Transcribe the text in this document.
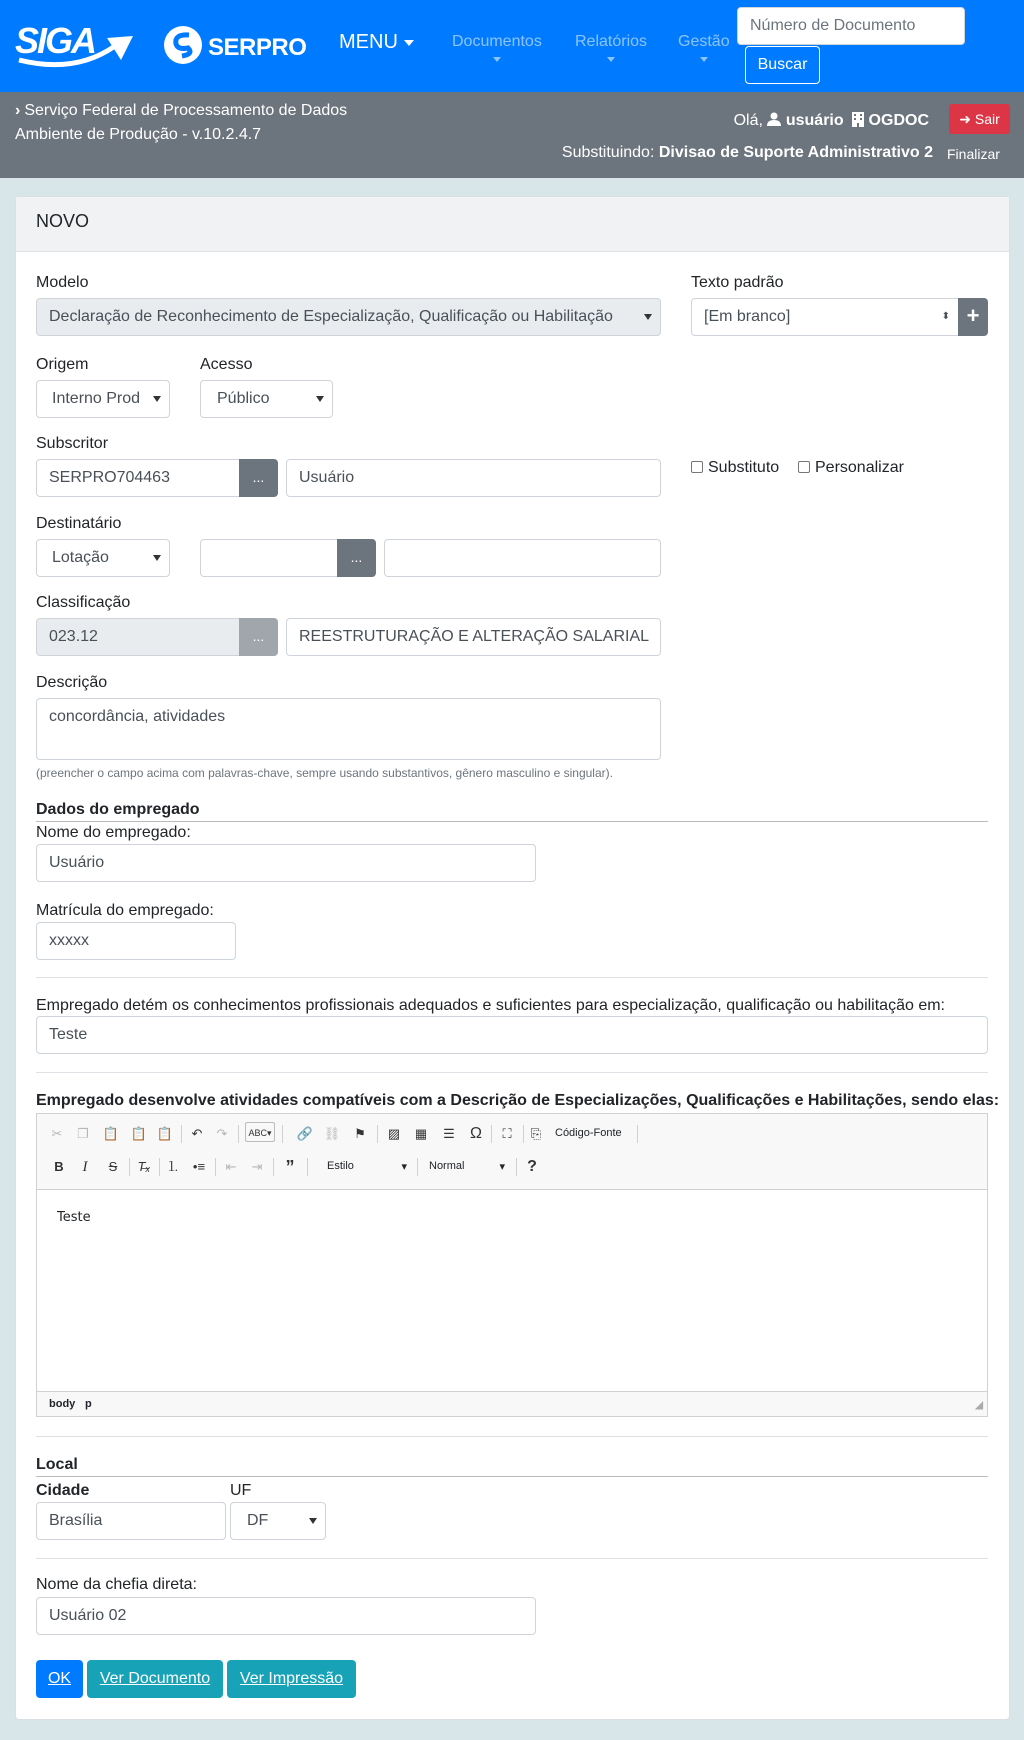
SIGA	SERPRO MENU	Documentos Relatórios Gestão
Número de Documento
Buscar
› Serviço Federal de Processamento de Dados
Ambiente de Produção - v.10.2.4.7
Olá, usuário OGDOC	➜ Sair
Substituindo: Divisao de Suporte Administrativo 2 Finalizar
NOVO
Modelo
Declaração de Reconhecimento de Especialização, Qualificação ou Habilitação
Texto padrão
[Em branco]	⬍ +
Origem
Interno Prod
Acesso
Público
Subscritor
SERPRO704463	...	Usuário
Substituto	Personalizar
Destinatário
Lotação	...
Classificação
023.12	...	REESTRUTURAÇÃO E ALTERAÇÃO SALARIAL
Descrição
concordância, atividades
(preencher o campo acima com palavras-chave, sempre usando substantivos, gênero masculino e singular).
Dados do empregado
Nome do empregado:
Usuário
Matrícula do empregado:
xxxxx
Empregado detém os conhecimentos profissionais adequados e suficientes para especialização, qualificação ou habilitação em:
Teste
Empregado desenvolve atividades compatíveis com a Descrição de Especializações, Qualificações e Habilitações, sendo elas:
✂	❐	📋 📋 📋	↶	↷	ABC▾ 🔗 ⛓	⚑	▨ ▦	☰ Ω	⛶	⎘	Código-Fonte
B	I	S	T̶ₓ ⒈	•≡	⇤	⇥	”	Estilo	▾ Normal	▾	?
Teste
body p	◢
Local
Cidade	UF
Brasília	DF
Nome da chefia direta:
Usuário 02
OK	Ver Documento	Ver Impressão
